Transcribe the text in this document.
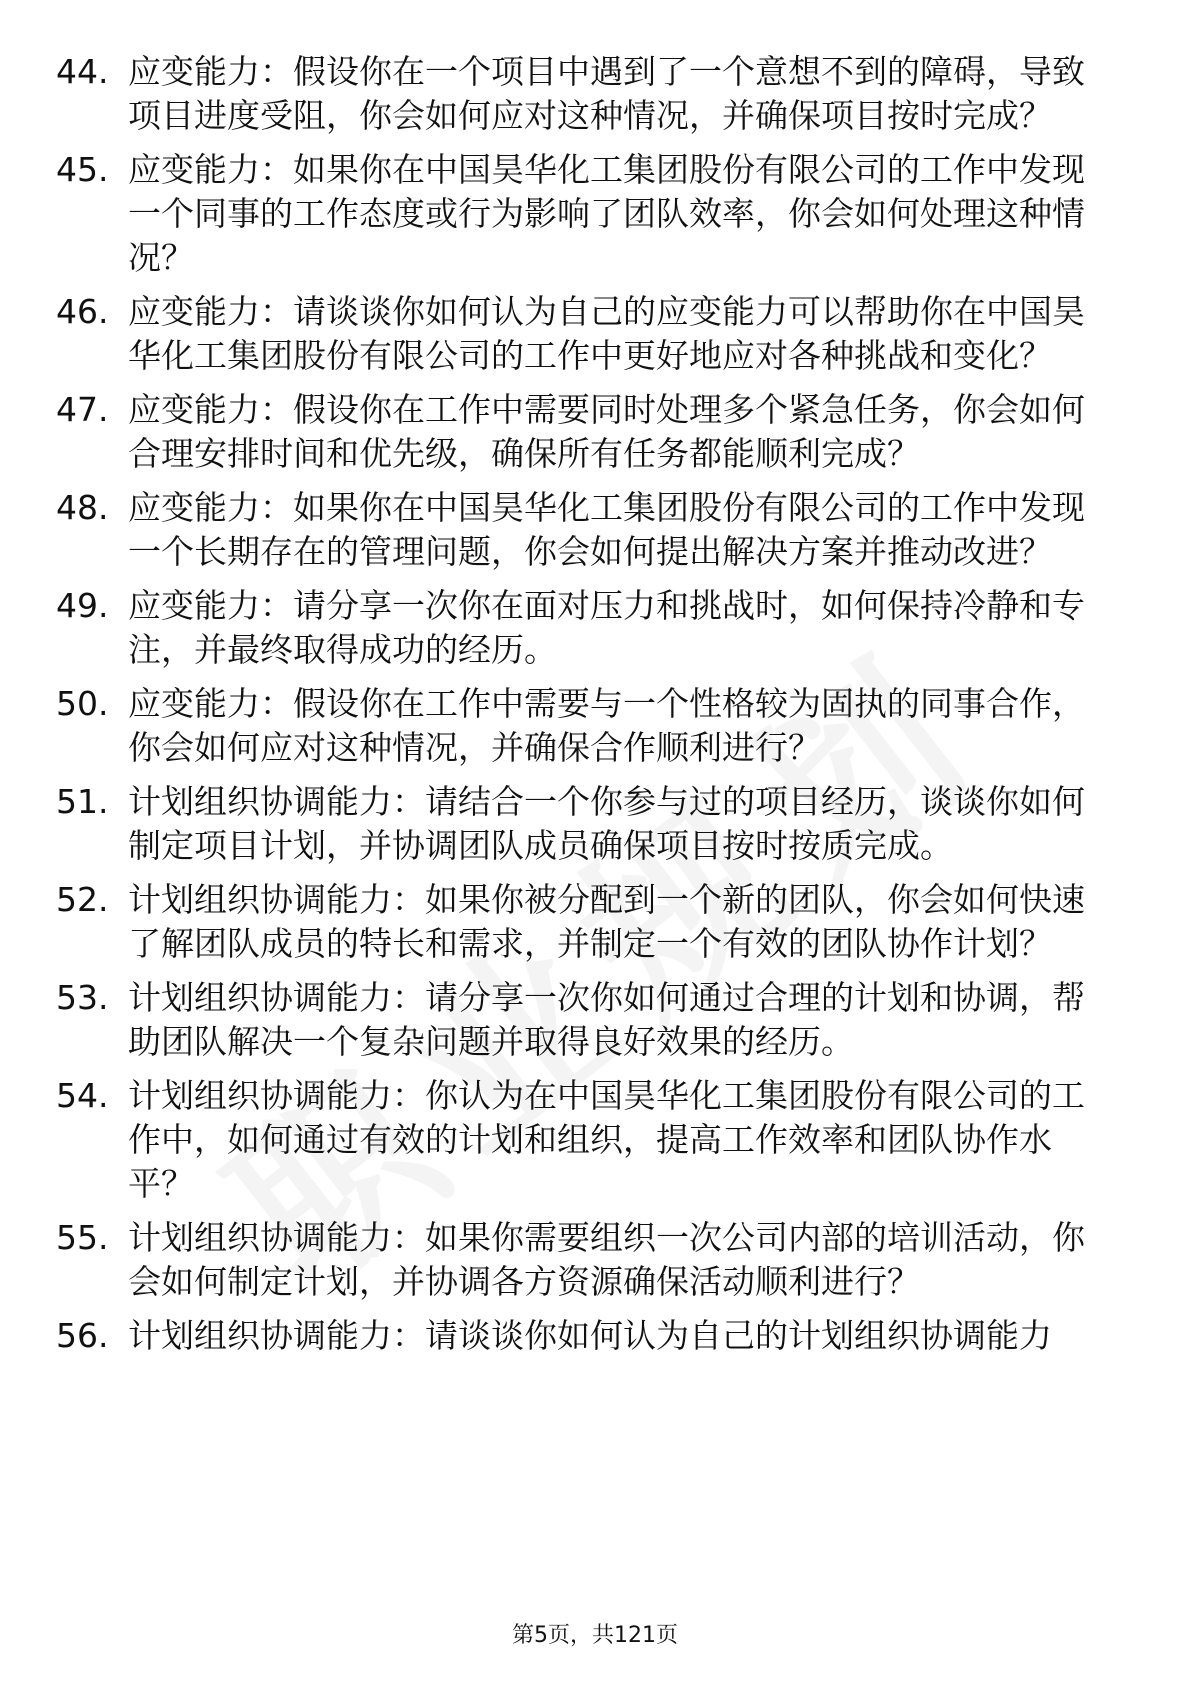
44. 应变能力：假设你在一个项目中遇到了一个意想不到的障碍，导致项目进度受阻，你会如何应对这种情况，并确保项目按时完成？
45. 应变能力：如果你在中国昊华化工集团股份有限公司的工作中发现一个同事的工作态度或行为影响了团队效率，你会如何处理这种情况？
46. 应变能力：请谈谈你如何认为自己的应变能力可以帮助你在中国昊华化工集团股份有限公司的工作中更好地应对各种挑战和变化？
47. 应变能力：假设你在工作中需要同时处理多个紧急任务，你会如何合理安排时间和优先级，确保所有任务都能顺利完成？
48. 应变能力：如果你在中国昊华化工集团股份有限公司的工作中发现一个长期存在的管理问题，你会如何提出解决方案并推动改进？
49. 应变能力：请分享一次你在面对压力和挑战时，如何保持冷静和专注，并最终取得成功的经历。
50. 应变能力：假设你在工作中需要与一个性格较为固执的同事合作，你会如何应对这种情况，并确保合作顺利进行？
51. 计划组织协调能力：请结合一个你参与过的项目经历，谈谈你如何制定项目计划，并协调团队成员确保项目按时按质完成。
52. 计划组织协调能力：如果你被分配到一个新的团队，你会如何快速了解团队成员的特长和需求，并制定一个有效的团队协作计划？
53. 计划组织协调能力：请分享一次你如何通过合理的计划和协调，帮助团队解决一个复杂问题并取得良好效果的经历。
54. 计划组织协调能力：你认为在中国昊华化工集团股份有限公司的工作中，如何通过有效的计划和组织，提高工作效率和团队协作水平？
55. 计划组织协调能力：如果你需要组织一次公司内部的培训活动，你会如何制定计划，并协调各方资源确保活动顺利进行？
56. 计划组织协调能力：请谈谈你如何认为自己的计划组织协调能力
第5页，共121页
